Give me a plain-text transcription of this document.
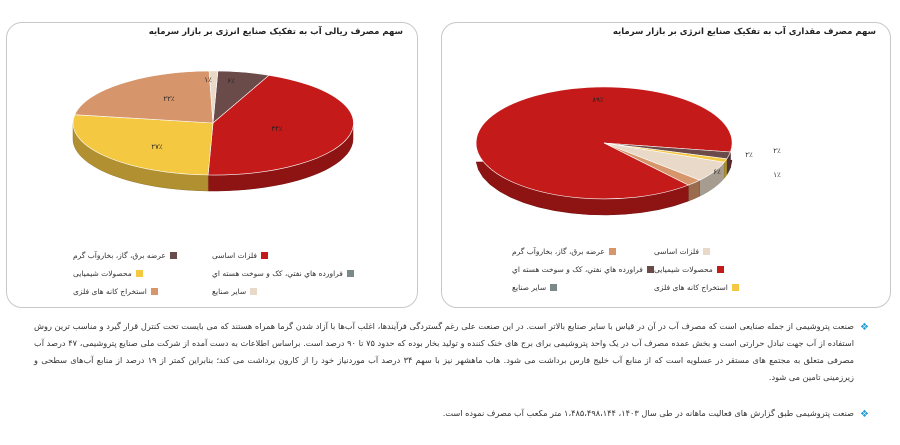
سهم مصرف ریالی آب به تفکیک صنایع انرژی بر بازار سرمایه
۶٪
۴۴٪
۲۷٪
۲۲٪
۱٪
عرضه برق، گاز، بخاروآب گرم	فلزات اساسی
محصولات شیمیایی	فراورده هاي نفتي، كک و سوخت هسته اي
استخراج کانه های فلزی	سایر صنایع
سهم مصرف مقداری آب به تفکیک صنایع انرژی بر بازار سرمایه
۶٪
۸۹٪
۲٪	۲٪
۱٪
فلزات اساسی
عرضه برق، گاز، بخاروآب گرم
محصولات شیمیایی
فراورده هاي نفتي، كک و سوخت هسته اي
استخراج کانه های فلزی
سایر صنایع
❖
صنعت پتروشیمی از جمله صنایعی است که مصرف آب در آن در قیاس با سایر صنایع بالاتر است. در این صنعت علی رغم گستردگی فرآیندها، اغلب آب‌ها با آزاد شدن گرما همراه هستند که می بایست تحت کنترل قرار گیرد و مناسب ترین روش استفاده از آب جهت تبادل حرارتی است و بخش عمده مصرف آب در یک واحد پتروشیمی برای برج های خنک کننده و تولید بخار بوده که حدود ۷۵ تا ۹۰ درصد است. براساس اطلاعات به دست آمده از شرکت ملی صنایع پتروشیمی، ۴۷ درصد آب مصرفی متعلق به مجتمع های مستقر در عسلویه است که از منابع آب خلیج فارس برداشت می شود. هاب ماهشهر نیز با سهم ۳۴ درصد آب موردنیاز خود را از کارون برداشت می کند؛ بنابراین کمتر از ۱۹ درصد از منابع آب‌های سطحی و زیرزمینی تامین می شود.
❖
صنعت پتروشیمی طبق گزارش های فعالیت ماهانه در طی سال ۱۴۰۳، ۱،۴۸۵،۴۹۸،۱۴۴ متر مکعب آب مصرف نموده است.
